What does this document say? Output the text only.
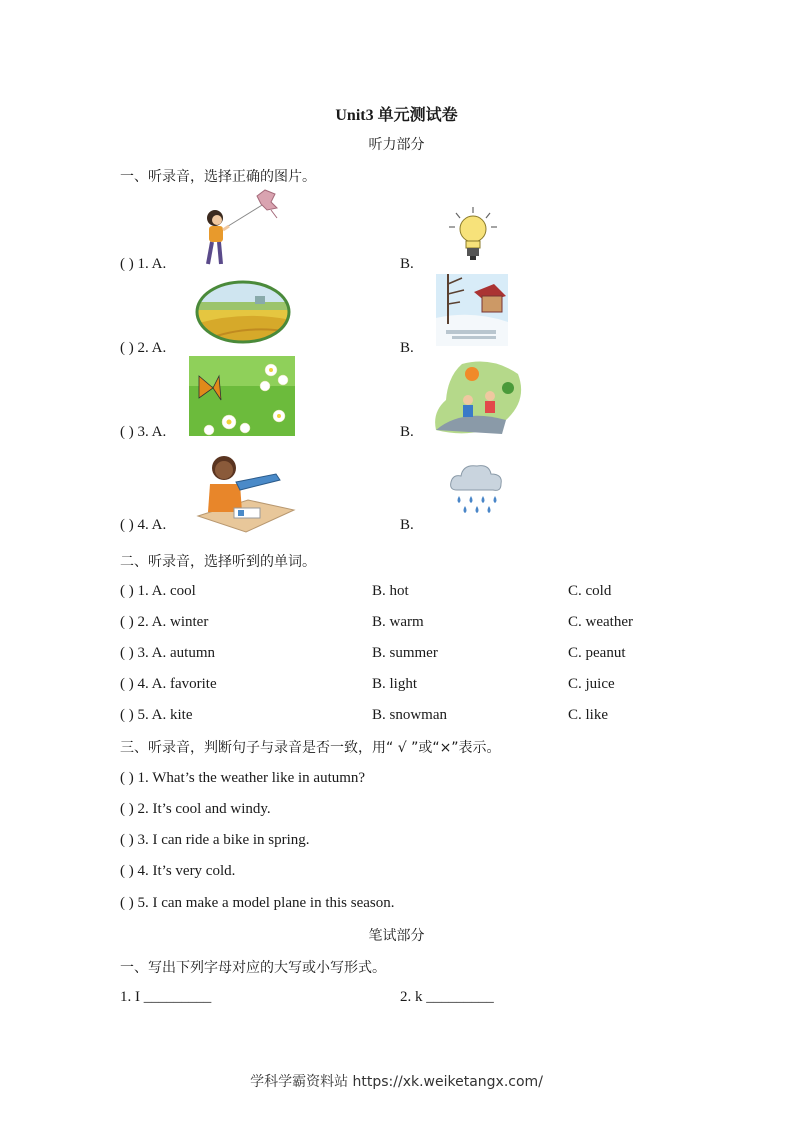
Unit3 单元测试卷
听力部分
一、听录音，选择正确的图片。
( ) 1. A.	B.
( ) 2. A.	B.
( ) 3. A.	B.
( ) 4. A.	B.
二、听录音，选择听到的单词。
( ) 1. A. cool	B. hot	C. cold
( ) 2. A. winter	B. warm	C. weather
( ) 3. A. autumn	B. summer	C. peanut
( ) 4. A. favorite	B. light	C. juice
( ) 5. A. kite	B. snowman	C. like
三、听录音，判断句子与录音是否一致，用“ √ ”或“×”表示。
( ) 1. What’s the weather like in autumn?
( ) 2. It’s cool and windy.
( ) 3. I can ride a bike in spring.
( ) 4. It’s very cold.
( ) 5. I can make a model plane in this season.
笔试部分
一、写出下列字母对应的大写或小写形式。
1. I _________	2. k _________
学科学霸资料站 https://xk.weiketangx.com/
